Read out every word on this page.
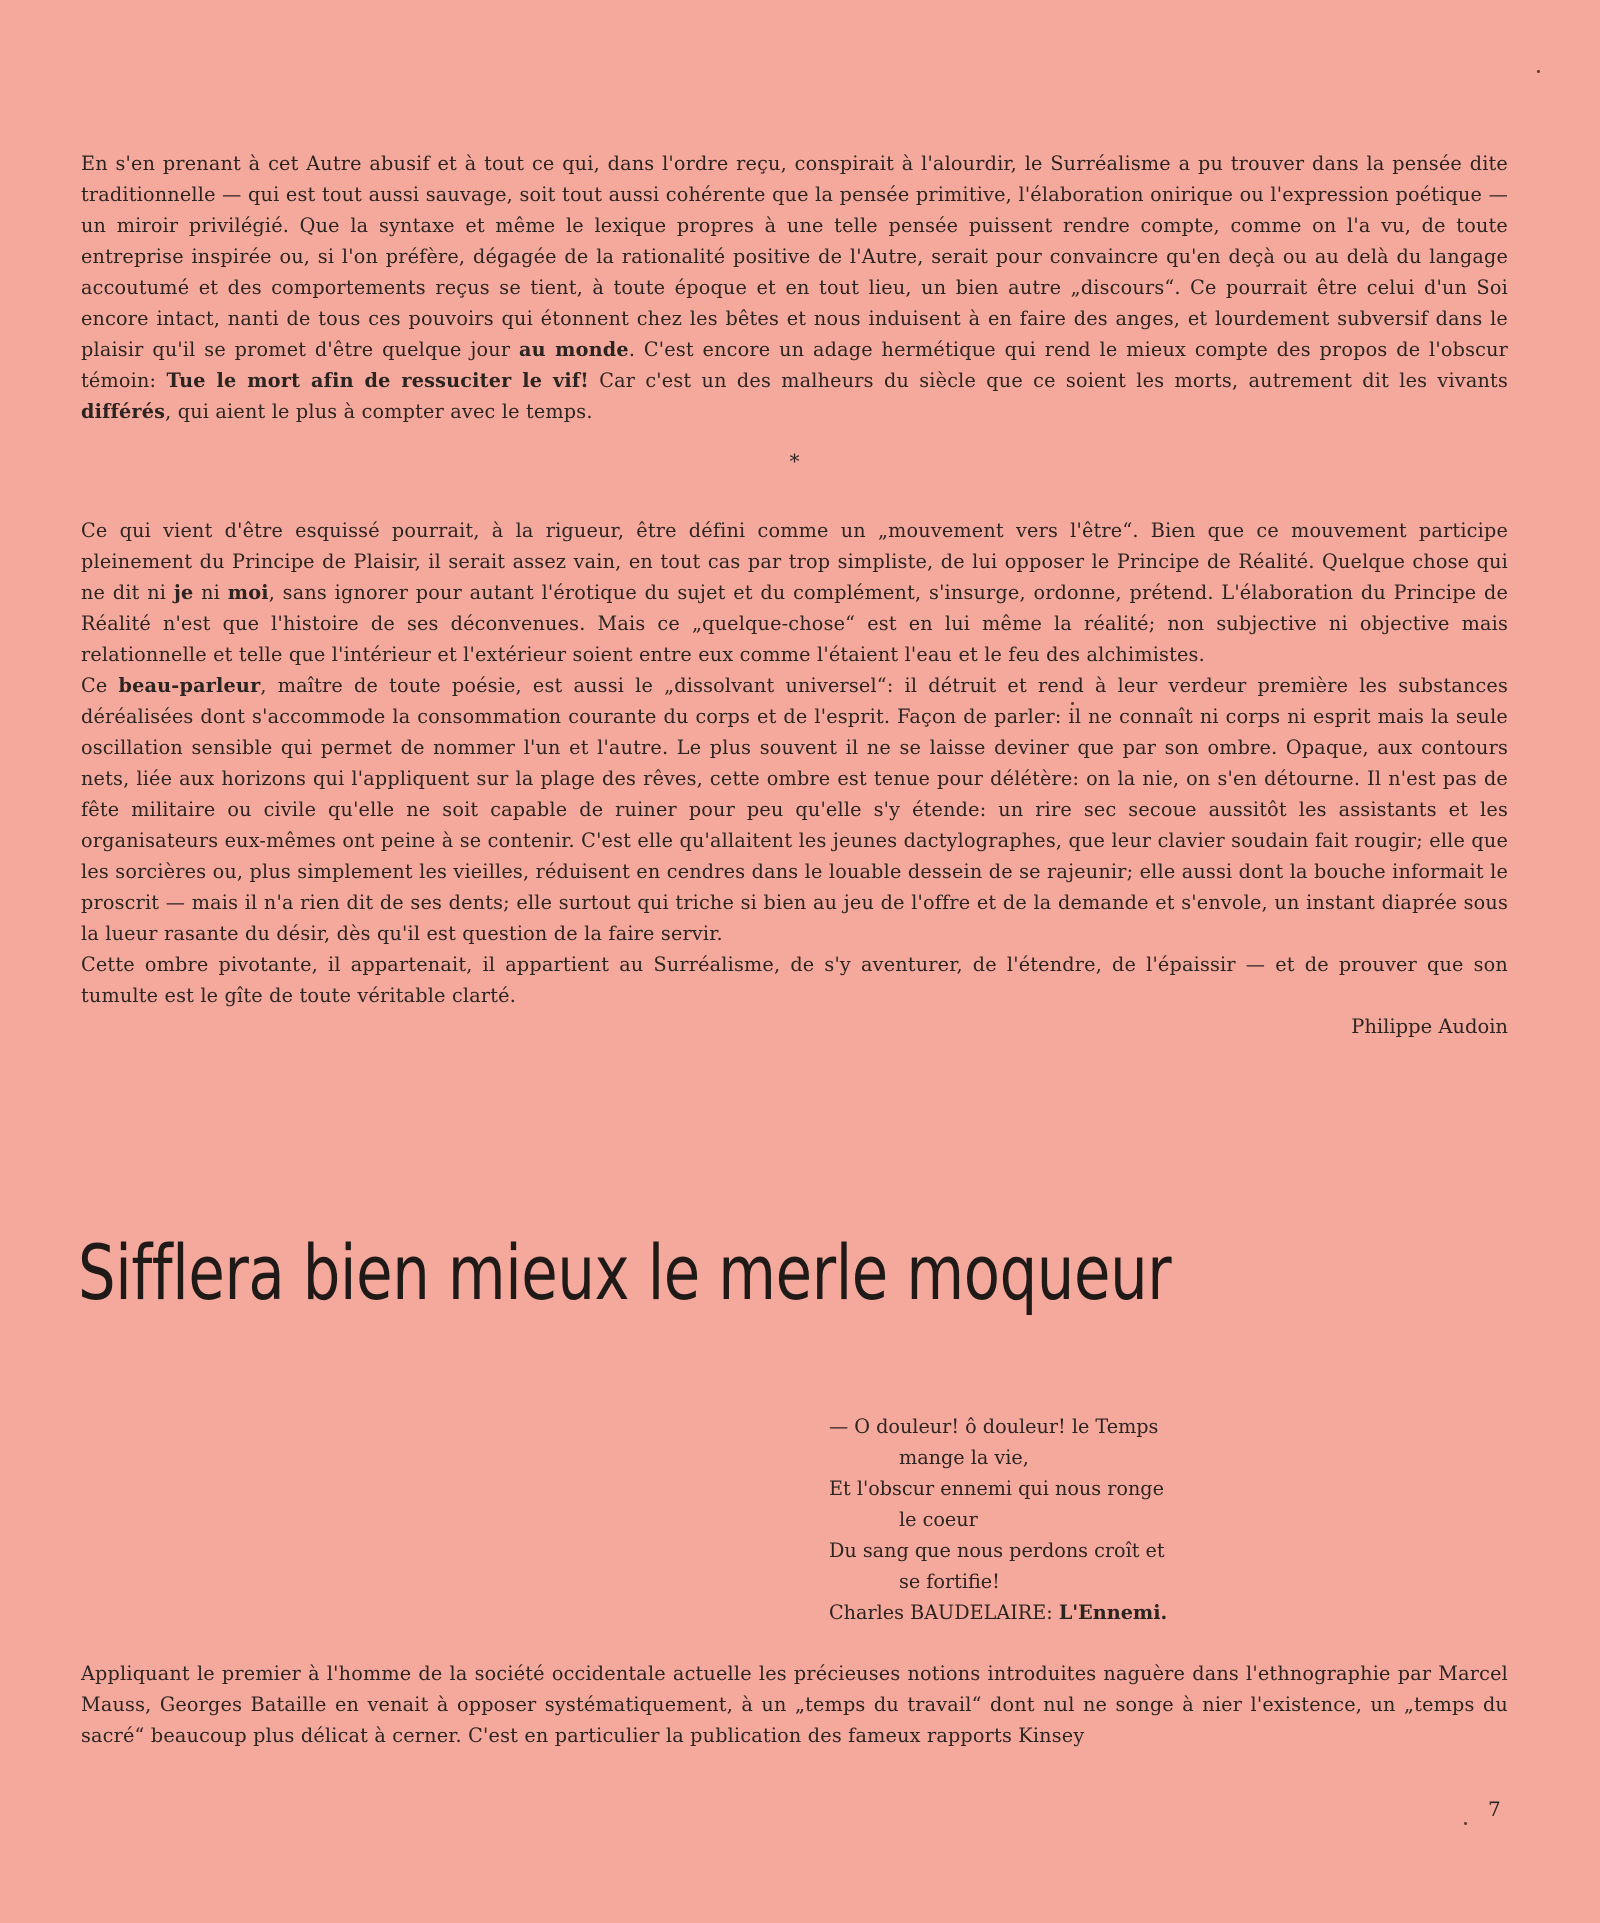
En s'en prenant à cet Autre abusif et à tout ce qui, dans l'ordre reçu, conspirait à l'alourdir, le Surréalisme a pu trouver dans la pensée dite traditionnelle — qui est tout aussi sauvage, soit tout aussi cohérente que la pensée primitive, l'élaboration onirique ou l'expression poétique — un miroir privilégié. Que la syntaxe et même le lexique propres à une telle pensée puissent rendre compte, comme on l'a vu, de toute entreprise inspirée ou, si l'on préfère, dégagée de la rationalité positive de l'Autre, serait pour convaincre qu'en deçà ou au delà du langage accoutumé et des comportements reçus se tient, à toute époque et en tout lieu, un bien autre „discours“. Ce pourrait être celui d'un Soi encore intact, nanti de tous ces pouvoirs qui étonnent chez les bêtes et nous induisent à en faire des anges, et lourdement subversif dans le plaisir qu'il se promet d'être quelque jour au monde. C'est encore un adage hermétique qui rend le mieux compte des propos de l'obscur témoin: Tue le mort afin de ressuciter le vif! Car c'est un des malheurs du siècle que ce soient les morts, autrement dit les vivants différés, qui aient le plus à compter avec le temps.

*

Ce qui vient d'être esquissé pourrait, à la rigueur, être défini comme un „mouvement vers l'être“. Bien que ce mouvement participe pleinement du Principe de Plaisir, il serait assez vain, en tout cas par trop simpliste, de lui opposer le Principe de Réalité. Quelque chose qui ne dit ni je ni moi, sans ignorer pour autant l'érotique du sujet et du complément, s'insurge, ordonne, prétend. L'élaboration du Principe de Réalité n'est que l'histoire de ses déconvenues. Mais ce „quelque-chose“ est en lui même la réalité; non subjective ni objective mais relationnelle et telle que l'intérieur et l'extérieur soient entre eux comme l'étaient l'eau et le feu des alchimistes.

Ce beau-parleur, maître de toute poésie, est aussi le „dissolvant universel“: il détruit et rend à leur verdeur première les substances déréalisées dont s'accommode la consommation courante du corps et de l'esprit. Façon de parler: il ne connaît ni corps ni esprit mais la seule oscillation sensible qui permet de nommer l'un et l'autre. Le plus souvent il ne se laisse deviner que par son ombre. Opaque, aux contours nets, liée aux horizons qui l'appliquent sur la plage des rêves, cette ombre est tenue pour délétère: on la nie, on s'en détourne. Il n'est pas de fête militaire ou civile qu'elle ne soit capable de ruiner pour peu qu'elle s'y étende: un rire sec secoue aussitôt les assistants et les organisateurs eux-mêmes ont peine à se contenir. C'est elle qu'allaitent les jeunes dactylographes, que leur clavier soudain fait rougir; elle que les sorcières ou, plus simplement les vieilles, réduisent en cendres dans le louable dessein de se rajeunir; elle aussi dont la bouche informait le proscrit — mais il n'a rien dit de ses dents; elle surtout qui triche si bien au jeu de l'offre et de la demande et s'envole, un instant diaprée sous la lueur rasante du désir, dès qu'il est question de la faire servir.

Cette ombre pivotante, il appartenait, il appartient au Surréalisme, de s'y aventurer, de l'étendre, de l'épaissir — et de prouver que son tumulte est le gîte de toute véritable clarté.

Philippe Audoin

Sifflera bien mieux le merle moqueur
— O douleur! ô douleur! le Temps
mange la vie,
Et l'obscur ennemi qui nous ronge
le coeur
Du sang que nous perdons croît et
se fortifie!
Charles BAUDELAIRE: L'Ennemi.

Appliquant le premier à l'homme de la société occidentale actuelle les précieuses notions introduites naguère dans l'ethnographie par Marcel Mauss, Georges Bataille en venait à opposer systématiquement, à un „temps du travail“ dont nul ne songe à nier l'existence, un „temps du sacré“ beaucoup plus délicat à cerner. C'est en particulier la publication des fameux rapports Kinsey

7
